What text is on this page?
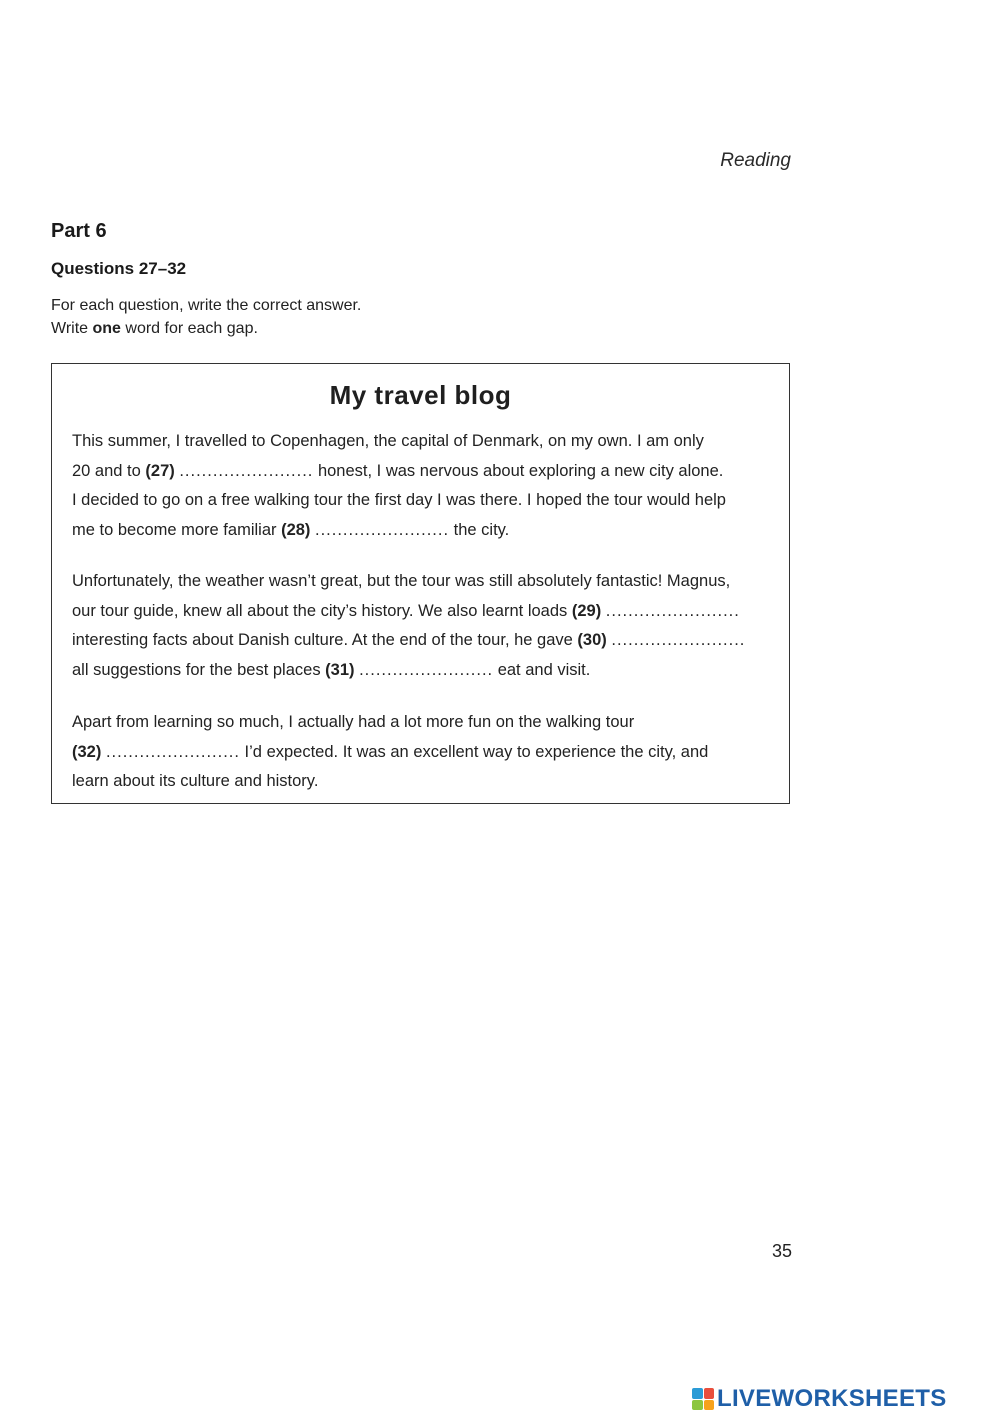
Reading
Part 6
Questions 27–32
For each question, write the correct answer.
Write one word for each gap.
My travel blog
This summer, I travelled to Copenhagen, the capital of Denmark, on my own. I am only
20 and to (27) ........................ honest, I was nervous about exploring a new city alone.
I decided to go on a free walking tour the first day I was there. I hoped the tour would help
me to become more familiar (28) ........................ the city.
Unfortunately, the weather wasn’t great, but the tour was still absolutely fantastic! Magnus,
our tour guide, knew all about the city’s history. We also learnt loads (29) ........................
interesting facts about Danish culture. At the end of the tour, he gave (30) ........................
all suggestions for the best places (31) ........................ eat and visit.
Apart from learning so much, I actually had a lot more fun on the walking tour
(32) ........................ I’d expected. It was an excellent way to experience the city, and
learn about its culture and history.
35
LIVEWORKSHEETS
